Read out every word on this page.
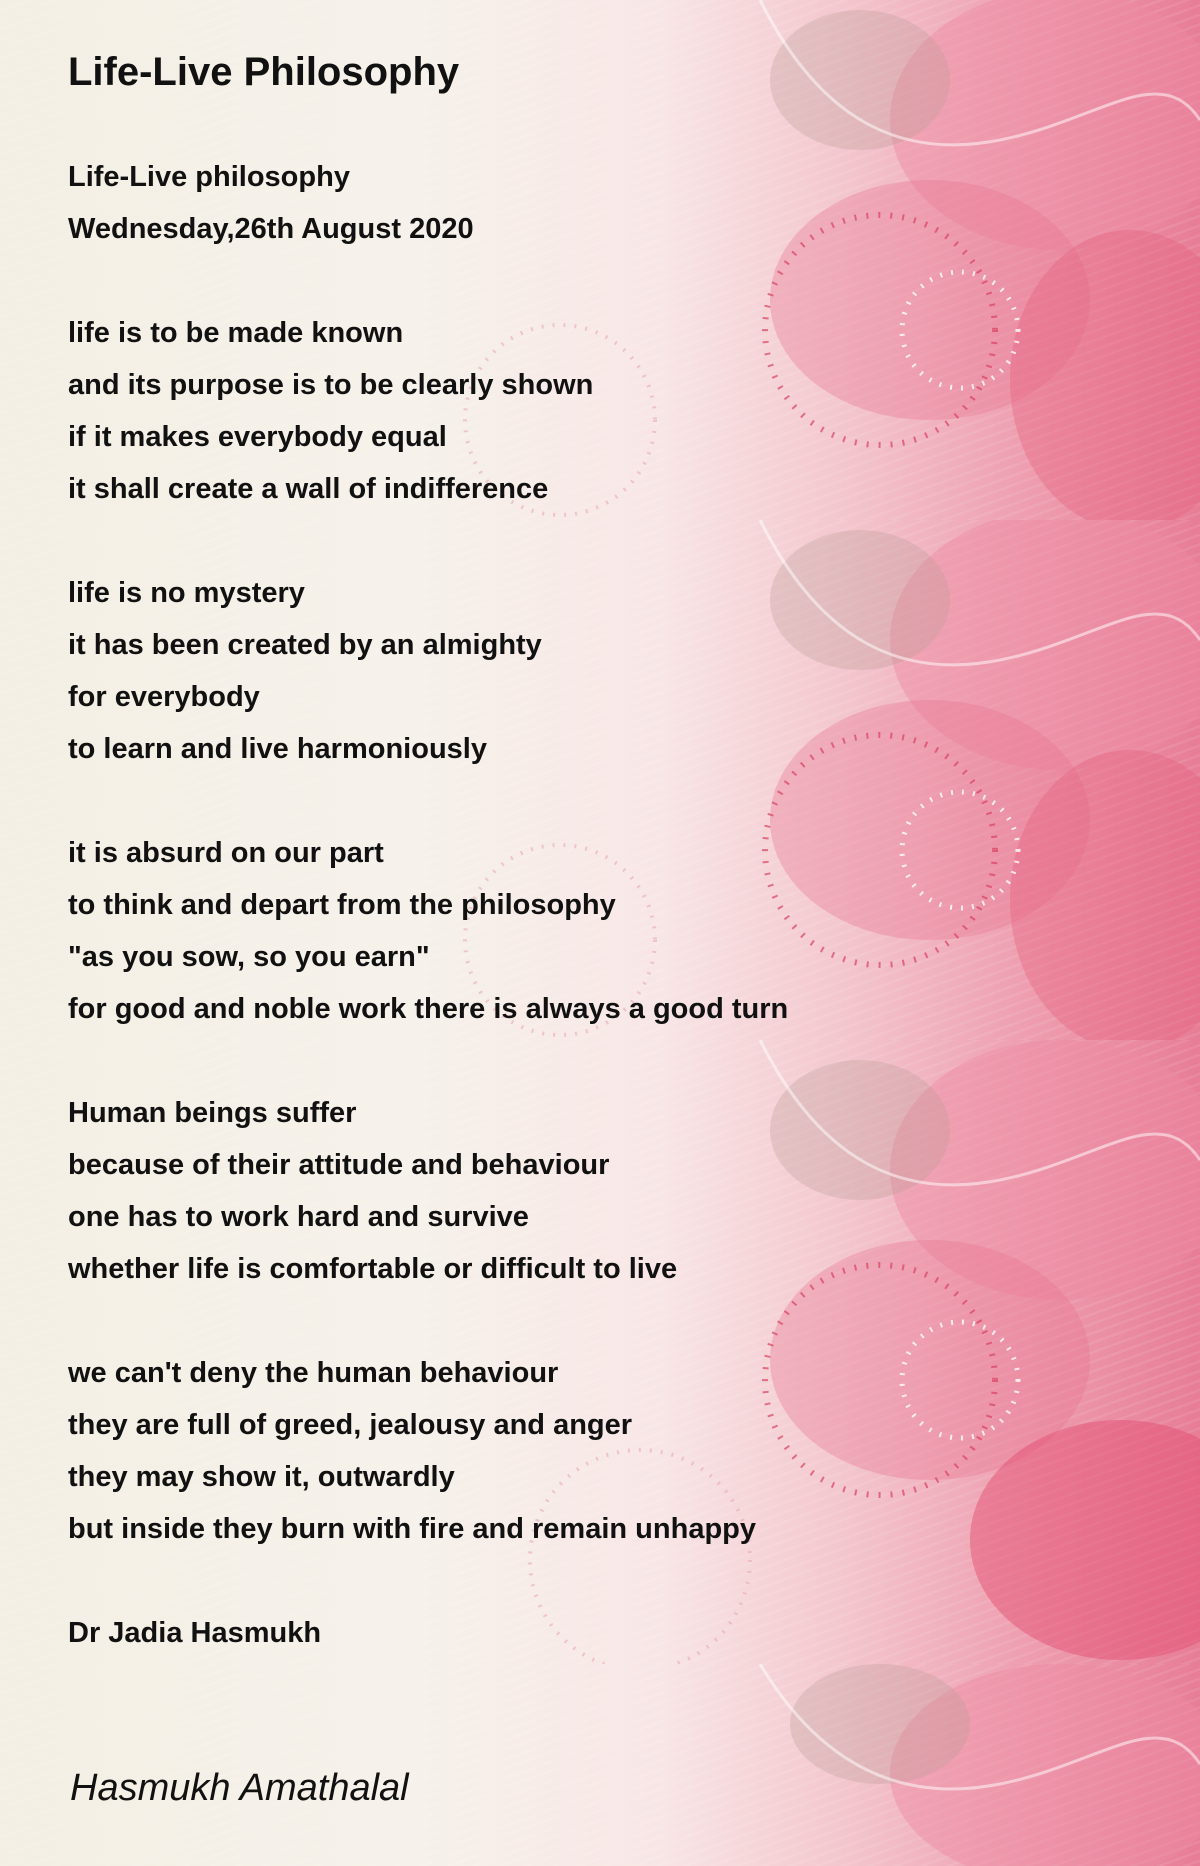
Life-Live Philosophy
Life-Live philosophy
Wednesday,26th August 2020
life is to be made known
and its purpose is to be clearly shown
if it makes everybody equal
it shall create a wall of indifference
life is no mystery
it has been created by an almighty
for everybody
to learn and live harmoniously
it is absurd on our part
to think and depart from the philosophy
"as you sow, so you earn"
for good and noble work there is always a good turn
Human beings suffer
because of their attitude and behaviour
one has to work hard and survive
whether life is comfortable or difficult to live
we can't deny the human behaviour
they are full of greed, jealousy and anger
they may show it, outwardly
but inside they burn with fire and remain unhappy
Dr Jadia Hasmukh

Hasmukh Amathalal
